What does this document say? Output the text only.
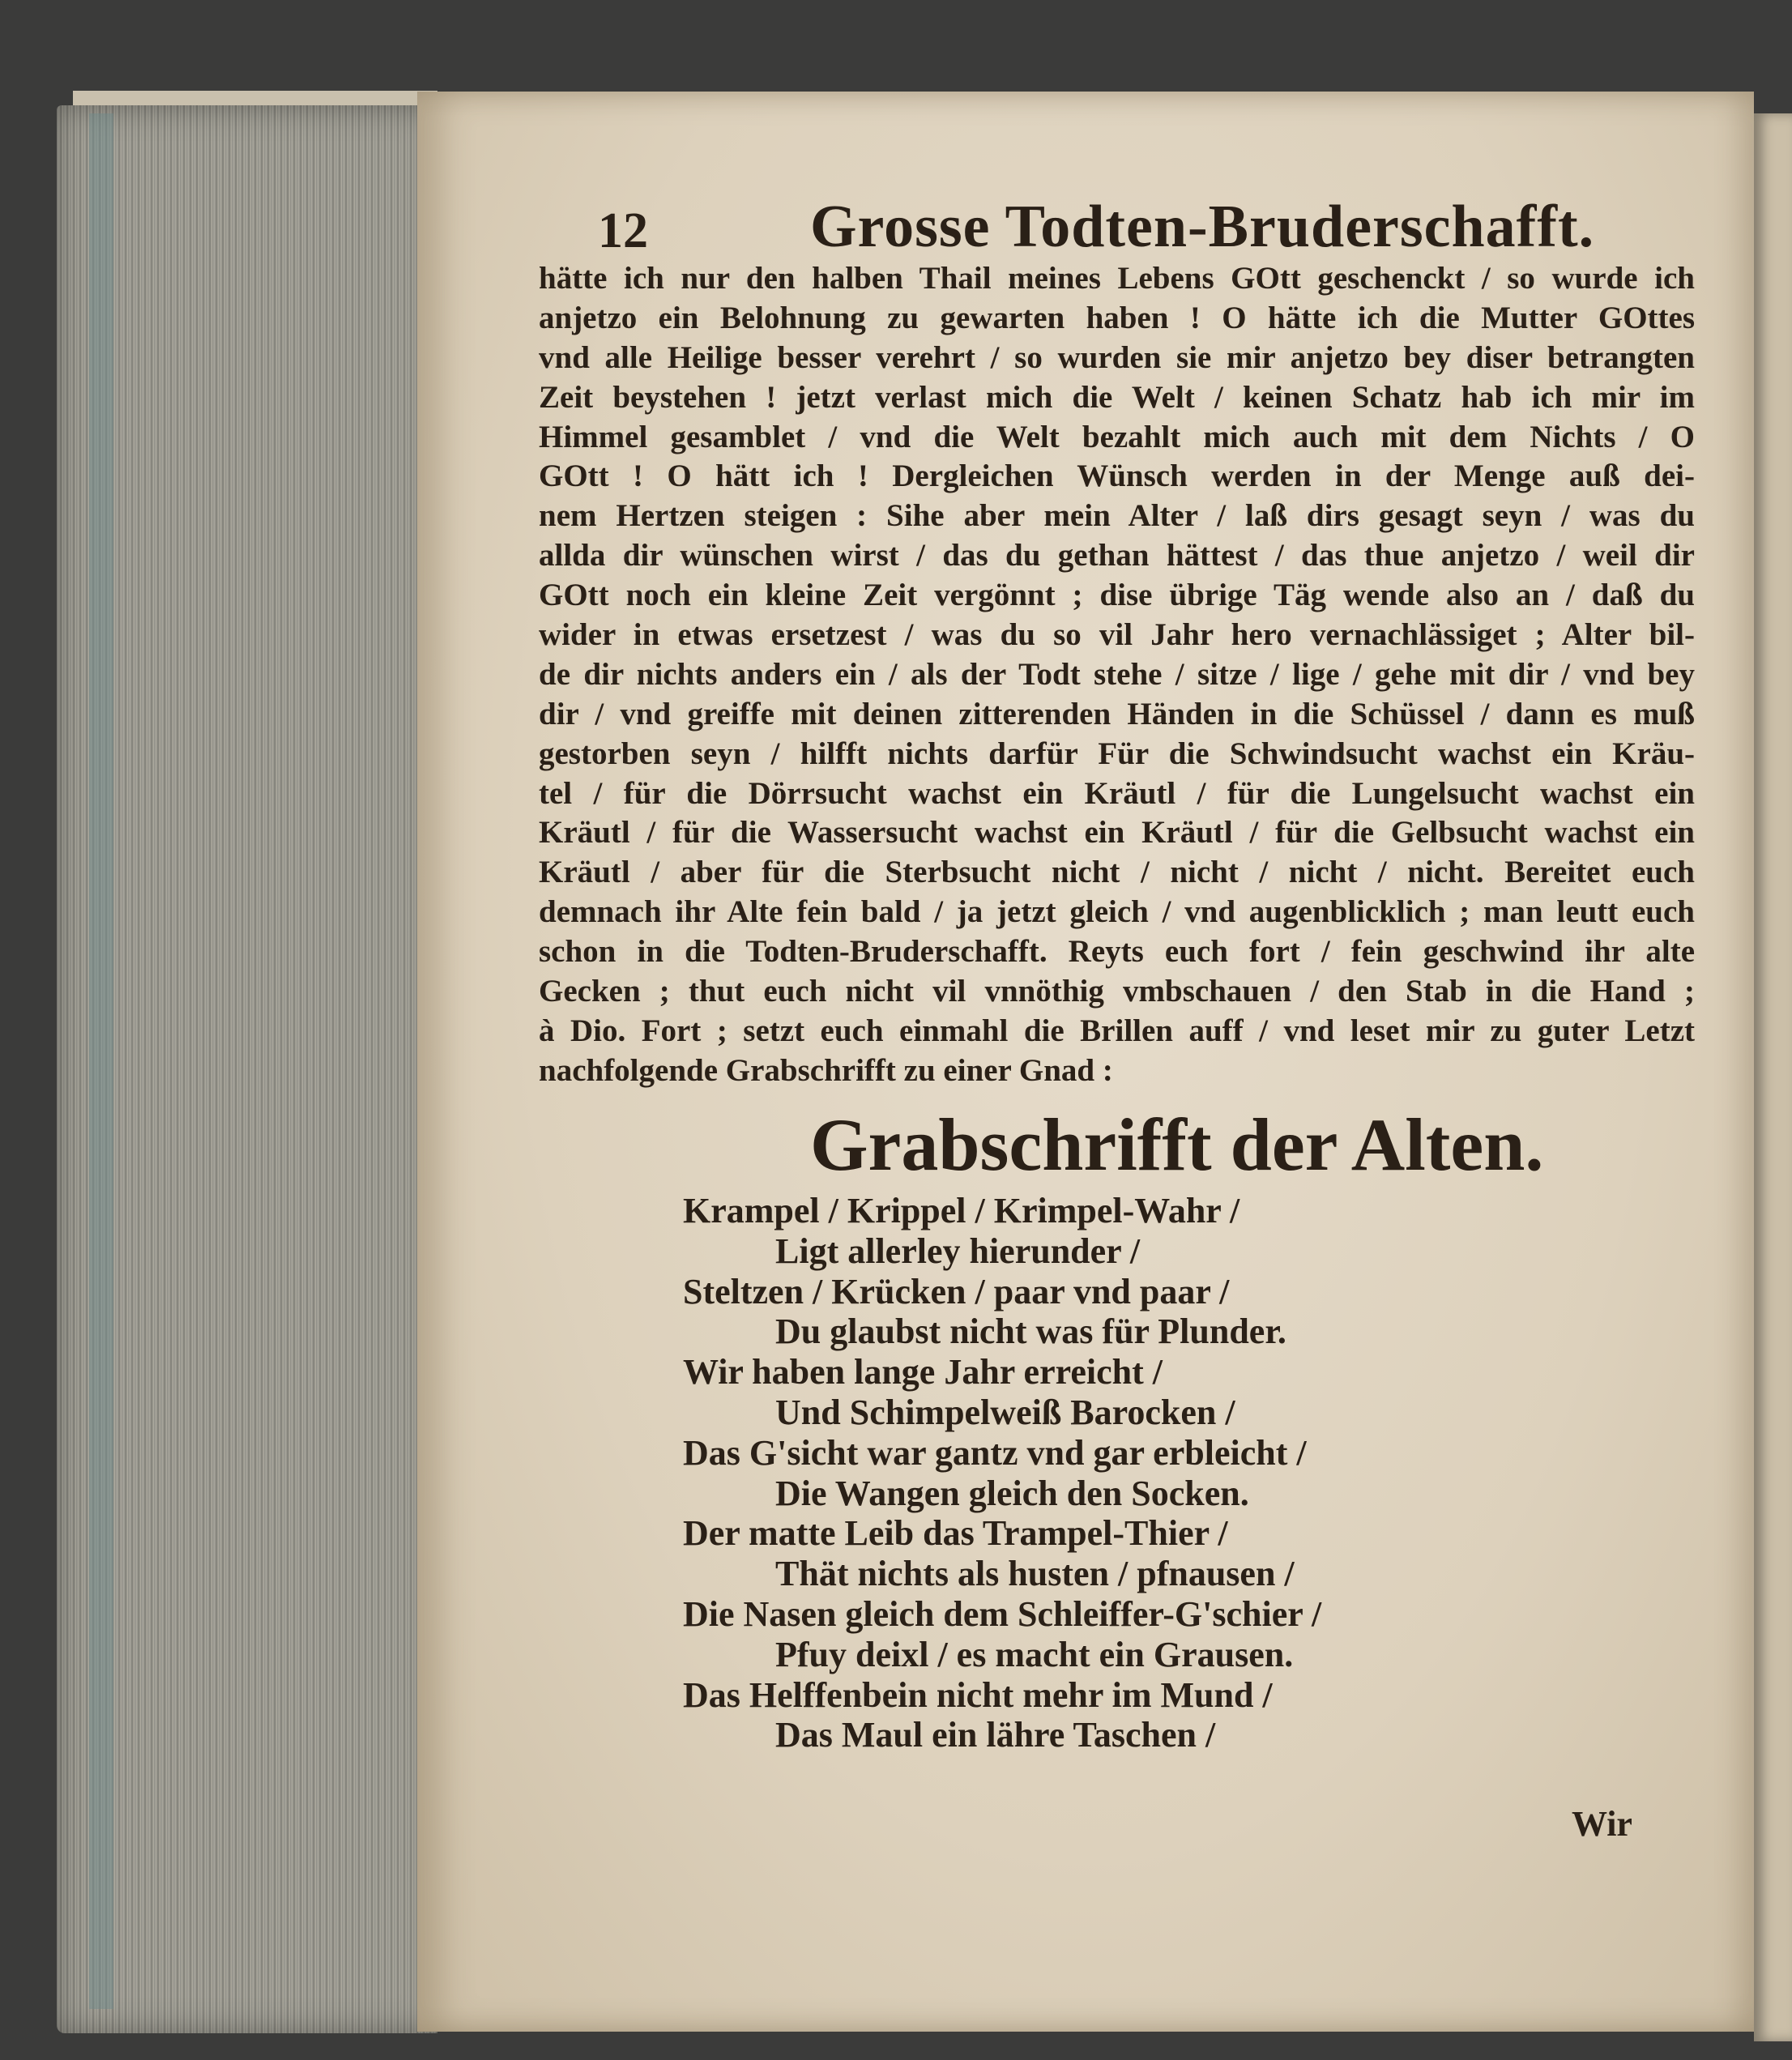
12	Grosse Todten-Bruderschafft.
hätte ich nur den halben Thail meines Lebens GOtt geschenckt / so wurde ich
anjetzo ein Belohnung zu gewarten haben ! O hätte ich die Mutter GOttes
vnd alle Heilige besser verehrt / so wurden sie mir anjetzo bey diser betrangten
Zeit beystehen ! jetzt verlast mich die Welt / keinen Schatz hab ich mir im
Himmel gesamblet / vnd die Welt bezahlt mich auch mit dem Nichts / O
GOtt ! O hätt ich ! Dergleichen Wünsch werden in der Menge auß dei-
nem Hertzen steigen : Sihe aber mein Alter / laß dirs gesagt seyn / was du
allda dir wünschen wirst / das du gethan hättest / das thue anjetzo / weil dir
GOtt noch ein kleine Zeit vergönnt ; dise übrige Täg wende also an / daß du
wider in etwas ersetzest / was du so vil Jahr hero vernachlässiget ; Alter bil-
de dir nichts anders ein / als der Todt stehe / sitze / lige / gehe mit dir / vnd bey
dir / vnd greiffe mit deinen zitterenden Händen in die Schüssel / dann es muß
gestorben seyn / hilfft nichts darfür Für die Schwindsucht wachst ein Kräu-
tel / für die Dörrsucht wachst ein Kräutl / für die Lungelsucht wachst ein
Kräutl / für die Wassersucht wachst ein Kräutl / für die Gelbsucht wachst ein
Kräutl / aber für die Sterbsucht nicht / nicht / nicht / nicht. Bereitet euch
demnach ihr Alte fein bald / ja jetzt gleich / vnd augenblicklich ; man leutt euch
schon in die Todten-Bruderschafft. Reyts euch fort / fein geschwind ihr alte
Gecken ; thut euch nicht vil vnnöthig vmbschauen / den Stab in die Hand ;
à Dio. Fort ; setzt euch einmahl die Brillen auff / vnd leset mir zu guter Letzt
nachfolgende Grabschrifft zu einer Gnad :
Grabschrifft der Alten.
Krampel / Krippel / Krimpel-Wahr /
Ligt allerley hierunder /
Steltzen / Krücken / paar vnd paar /
Du glaubst nicht was für Plunder.
Wir haben lange Jahr erreicht /
Und Schimpelweiß Barocken /
Das G'sicht war gantz vnd gar erbleicht /
Die Wangen gleich den Socken.
Der matte Leib das Trampel-Thier /
Thät nichts als husten / pfnausen /
Die Nasen gleich dem Schleiffer-G'schier /
Pfuy deixl / es macht ein Grausen.
Das Helffenbein nicht mehr im Mund /
Das Maul ein lähre Taschen /
Wir
